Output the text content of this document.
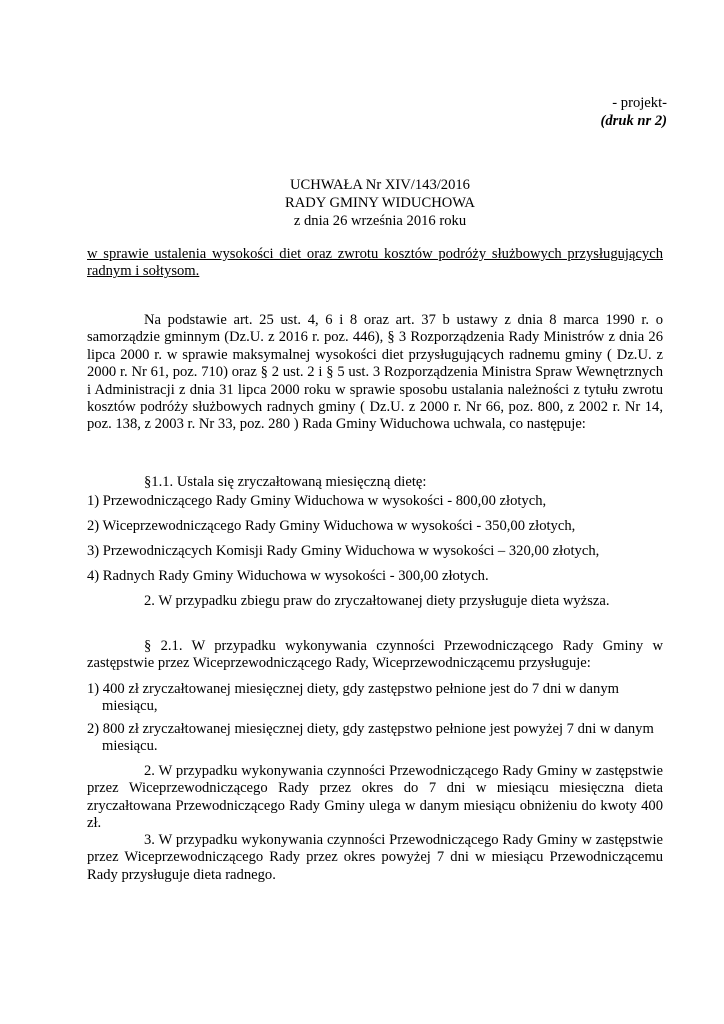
- projekt-
(druk nr 2)
UCHWAŁA Nr XIV/143/2016
RADY GMINY WIDUCHOWA
z dnia 26 września 2016 roku
w sprawie ustalenia wysokości diet oraz zwrotu kosztów podróży służbowych przysługujących radnym i sołtysom.
Na podstawie art. 25 ust. 4, 6 i 8 oraz art. 37 b ustawy z dnia 8 marca 1990 r. o samorządzie gminnym (Dz.U. z 2016 r. poz. 446), § 3 Rozporządzenia Rady Ministrów z dnia 26 lipca 2000 r. w sprawie maksymalnej wysokości diet przysługujących radnemu gminy ( Dz.U. z 2000 r. Nr 61, poz. 710) oraz § 2 ust. 2 i § 5 ust. 3 Rozporządzenia Ministra Spraw Wewnętrznych i Administracji z dnia 31 lipca 2000 roku w sprawie sposobu ustalania należności z tytułu zwrotu kosztów podróży służbowych radnych gminy ( Dz.U. z 2000 r. Nr 66, poz. 800, z 2002 r. Nr 14, poz. 138, z 2003 r. Nr 33, poz. 280 ) Rada Gminy Widuchowa uchwala, co następuje:
§1.1. Ustala się zryczałtowaną miesięczną dietę:
1) Przewodniczącego Rady Gminy Widuchowa w wysokości - 800,00 złotych,
2) Wiceprzewodniczącego Rady Gminy Widuchowa w wysokości - 350,00 złotych,
3) Przewodniczących Komisji Rady Gminy Widuchowa w wysokości – 320,00 złotych,
4) Radnych Rady Gminy Widuchowa w wysokości - 300,00 złotych.
2. W przypadku zbiegu praw do zryczałtowanej diety przysługuje dieta wyższa.
§ 2.1. W przypadku wykonywania czynności Przewodniczącego Rady Gminy w zastępstwie przez Wiceprzewodniczącego Rady, Wiceprzewodniczącemu przysługuje:
1) 400 zł zryczałtowanej miesięcznej diety, gdy zastępstwo pełnione jest do 7 dni w danym miesiącu,
2) 800 zł zryczałtowanej miesięcznej diety, gdy zastępstwo pełnione jest powyżej 7 dni w danym miesiącu.
2. W przypadku wykonywania czynności Przewodniczącego Rady Gminy w zastępstwie przez Wiceprzewodniczącego Rady przez okres do 7 dni w miesiącu miesięczna dieta zryczałtowana Przewodniczącego Rady Gminy ulega w danym miesiącu obniżeniu do kwoty 400 zł.
3. W przypadku wykonywania czynności Przewodniczącego Rady Gminy w zastępstwie przez Wiceprzewodniczącego Rady przez okres powyżej 7 dni w miesiącu Przewodniczącemu Rady przysługuje dieta radnego.
